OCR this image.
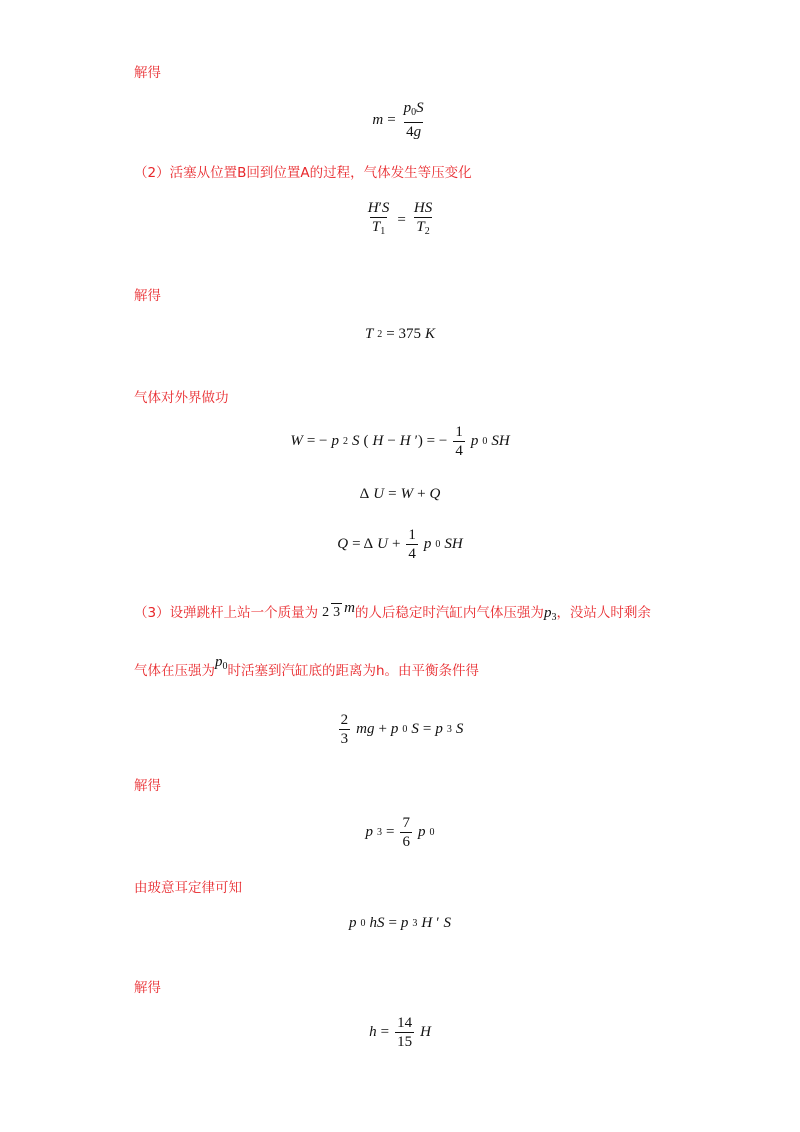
解得
$m = \frac{p_0S}{4g}$
（2）活塞从位置B回到位置A的过程，气体发生等压变化
$\frac{H'S}{T_1} = \frac{HS}{T_2}$
解得
T 2 = 375 K
气体对外界做功
W = − p 2 S ( H − H ′) = − $\frac{1}{4}$ p 0 SH
Δ U = W + Q
Q = Δ $U + \frac{1}{4}$ p 0 SH
（3）设弹跳杆上站一个质量为 2 3 m 的人后稳定时汽缸内气体压强为 $p_3$ ，没站人时剩余
气体在压强为
$p_0$ 时活塞到汽缸底的距离为h。由平衡条件得
$\frac{2}{3}$ mg + p 0 S = p 3 S
解得
p $3 = \frac{7}{6}$ p 0
由玻意耳定律可知
p 0 hS = p 3 H ′ S
解得
$h = \frac{14}{15}$ H
